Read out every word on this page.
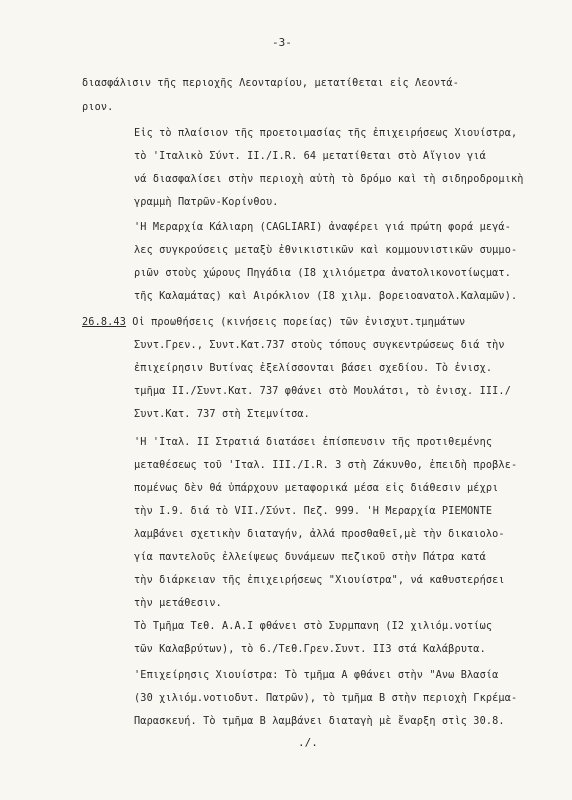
-3-
διασφάλισιν τῆς περιοχῆς Λεονταρίου, μετατίθεται εἰς Λεοντά-
ριον.
Εἰς τὸ πλαίσιον τῆς προετοιμασίας τῆς ἐπιχειρήσεως Χιουίστρα,
τὸ 'Ιταλικὸ Σύντ. ΙΙ./Ι.R. 64 μετατίθεται στὸ Αἴγιον γιά
νά διασφαλίσει στὴν περιοχὴ αὐτὴ τὸ δρόμο καὶ τὴ σιδηροδρομικὴ
γραμμὴ Πατρῶν-Κορίνθου.
'Η Μεραρχία Κάλιαρη (CAGLIARI) ἀναφέρει γιά πρώτη φορά μεγά-
λες συγκρούσεις μεταξὺ ἐθνικιστικῶν καὶ κομμουνιστικῶν συμμο-
ριῶν στοὺς χώρους Πηγάδια (Ι8 χιλιόμετρα ἀνατολικονοτίωςματ.
τῆς Καλαμάτας) καὶ Αιρόκλιον (Ι8 χιλμ. βορειοανατολ.Καλαμῶν).
26.8.43 Οἱ προωθήσεις (κινήσεις πορείας) τῶν ἐνισχυτ.τμημάτων
Συντ.Γρεν., Συντ.Κατ.737 στοὺς τόπους συγκεντρώσεως διά τὴν
ἐπιχείρησιν Βυτίνας ἐξελίσσονται βάσει σχεδίου. Τὸ ἐνισχ.
τμῆμα ΙΙ./Συντ.Κατ. 737 φθάνει στὸ Μουλάτσι, τὸ ἐνισχ. ΙΙΙ./
Συντ.Κατ. 737 στὴ Στεμνίτσα.
'Η 'Ιταλ. ΙΙ Στρατιά διατάσει ἐπίσπευσιν τῆς προτιθεμένης
μεταθέσεως τοῦ 'Ιταλ. ΙΙΙ./Ι.R. 3 στὴ Ζάκυνθο, ἐπειδὴ προβλε-
πομένως δὲν θά ὑπάρχουν μεταφορικά μέσα εἰς διάθεσιν μέχρι
τὴν Ι.9. διά τὸ VII./Σύντ. Πεζ. 999. 'Η Μεραρχία PIEMONTE
λαμβάνει σχετικὴν διαταγήν, ἀλλά προσθαθεῖ,μὲ τὴν δικαιολο-
γία παντελοῦς ἐλλείψεως δυνάμεων πεζικοῦ στὴν Πάτρα κατά
τὴν διάρκειαν τῆς ἐπιχειρήσεως "Χιουίστρα", νά καθυστερήσει
τὴν μετάθεσιν.
Τὸ Τμῆμα Τεθ. Α.Α.Ι φθάνει στὸ Συρμπανη (Ι2 χιλιόμ.νοτίως
τῶν Καλαβρύτων), τὸ 6./Τεθ.Γρεν.Συντ. ΙΙ3 στά Καλάβρυτα.
'Επιχείρησις Χιουίστρα: Τὸ τμῆμα Α φθάνει στὴν "Ανω Βλασία
(30 χιλιόμ.νοτιοδυτ. Πατρῶν), τὸ τμῆμα Β στὴν περιοχὴ Γκρέμα-
Παρασκευή. Τὸ τμῆμα Β λαμβάνει διαταγὴ μὲ ἔναρξη στὶς 30.8.
./.
